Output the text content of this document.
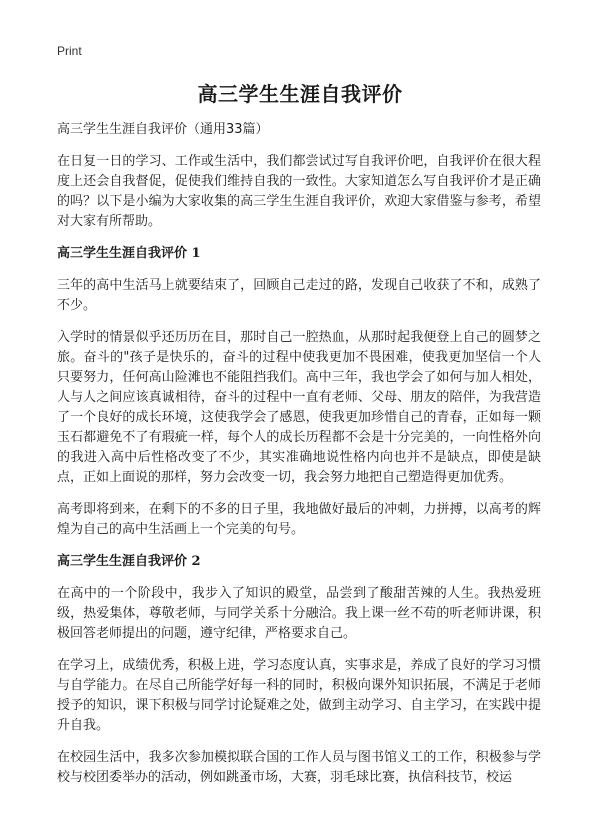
Print
高三学生生涯自我评价

高三学生生涯自我评价（通用33篇）

在日复一日的学习、工作或生活中，我们都尝试过写自我评价吧，自我评价在很大程度上还会自我督促，促使我们维持自我的一致性。大家知道怎么写自我评价才是正确的吗？以下是小编为大家收集的高三学生生涯自我评价，欢迎大家借鉴与参考，希望对大家有所帮助。

高三学生生涯自我评价 1

三年的高中生活马上就要结束了，回顾自己走过的路，发现自己收获了不和，成熟了不少。

入学时的情景似乎还历历在目，那时自己一腔热血，从那时起我便登上自己的圆梦之旅。奋斗的"孩子是快乐的，奋斗的过程中使我更加不畏困难，使我更加坚信一个人只要努力，任何高山险滩也不能阻挡我们。高中三年，我也学会了如何与加人相处，人与人之间应该真诚相待，奋斗的过程中一直有老师、父母、朋友的陪伴，为我营造了一个良好的成长环境，这使我学会了感恩，使我更加珍惜自己的青春，正如每一颗玉石都避免不了有瑕疵一样，每个人的成长历程都不会是十分完美的，一向性格外向的我进入高中后性格改变了不少，其实准确地说性格内向也并不是缺点，即使是缺点，正如上面说的那样，努力会改变一切，我会努力地把自己塑造得更加优秀。

高考即将到来，在剩下的不多的日子里，我地做好最后的冲刺，力拼搏，以高考的辉煌为自己的高中生活画上一个完美的句号。

高三学生生涯自我评价 2

在高中的一个阶段中，我步入了知识的殿堂，品尝到了酸甜苦辣的人生。我热爱班级，热爱集体，尊敬老师，与同学关系十分融洽。我上课一丝不苟的听老师讲课，积极回答老师提出的问题，遵守纪律，严格要求自己。

在学习上，成绩优秀，积极上进，学习态度认真，实事求是，养成了良好的学习习惯与自学能力。在尽自己所能学好每一科的同时，积极向课外知识拓展，不满足于老师授予的知识，课下积极与同学讨论疑难之处，做到主动学习、自主学习，在实践中提升自我。

在校园生活中，我多次参加模拟联合国的工作人员与图书馆义工的工作，积极参与学校与校团委举办的活动，例如跳蚤市场，大赛，羽毛球比赛，执信科技节，校运
